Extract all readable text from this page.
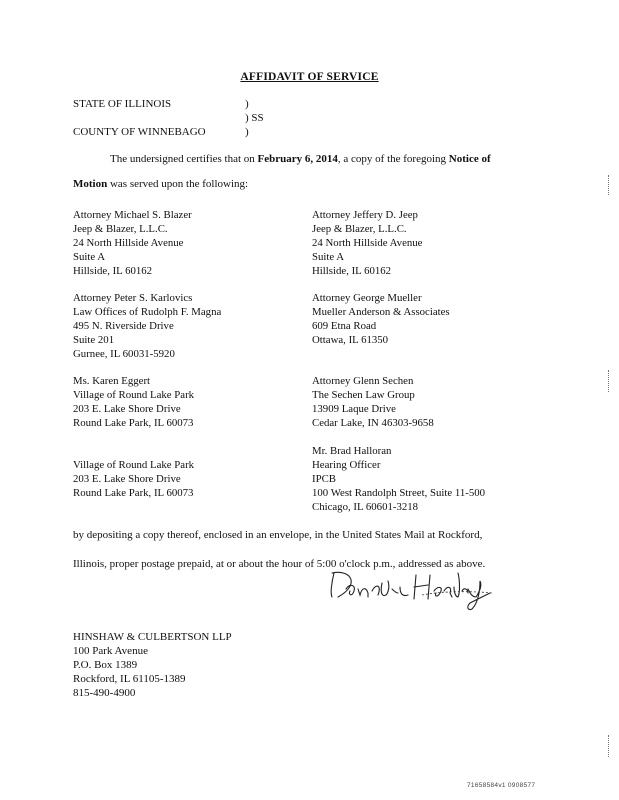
AFFIDAVIT OF SERVICE
STATE OF ILLINOIS	)
) SS
COUNTY OF WINNEBAGO	)
The undersigned certifies that on February 6, 2014, a copy of the foregoing Notice of
Motion was served upon the following:
Attorney Michael S. Blazer
Jeep & Blazer, L.L.C.
24 North Hillside Avenue
Suite A
Hillside, IL 60162
Attorney Jeffery D. Jeep
Jeep & Blazer, L.L.C.
24 North Hillside Avenue
Suite A
Hillside, IL 60162
Attorney Peter S. Karlovics
Law Offices of Rudolph F. Magna
495 N. Riverside Drive
Suite 201
Gurnee, IL 60031-5920
Attorney George Mueller
Mueller Anderson & Associates
609 Etna Road
Ottawa, IL 61350
Ms. Karen Eggert
Village of Round Lake Park
203 E. Lake Shore Drive
Round Lake Park, IL 60073
Attorney Glenn Sechen
The Sechen Law Group
13909 Laque Drive
Cedar Lake, IN 46303-9658
Village of Round Lake Park
203 E. Lake Shore Drive
Round Lake Park, IL 60073
Mr. Brad Halloran
Hearing Officer
IPCB
100 West Randolph Street, Suite 11-500
Chicago, IL 60601-3218
by depositing a copy thereof, enclosed in an envelope, in the United States Mail at Rockford,
Illinois, proper postage prepaid, at or about the hour of 5:00 o'clock p.m., addressed as above.
HINSHAW & CULBERTSON LLP
100 Park Avenue
P.O. Box 1389
Rockford, IL 61105-1389
815-490-4900
71658584v1 0908577
